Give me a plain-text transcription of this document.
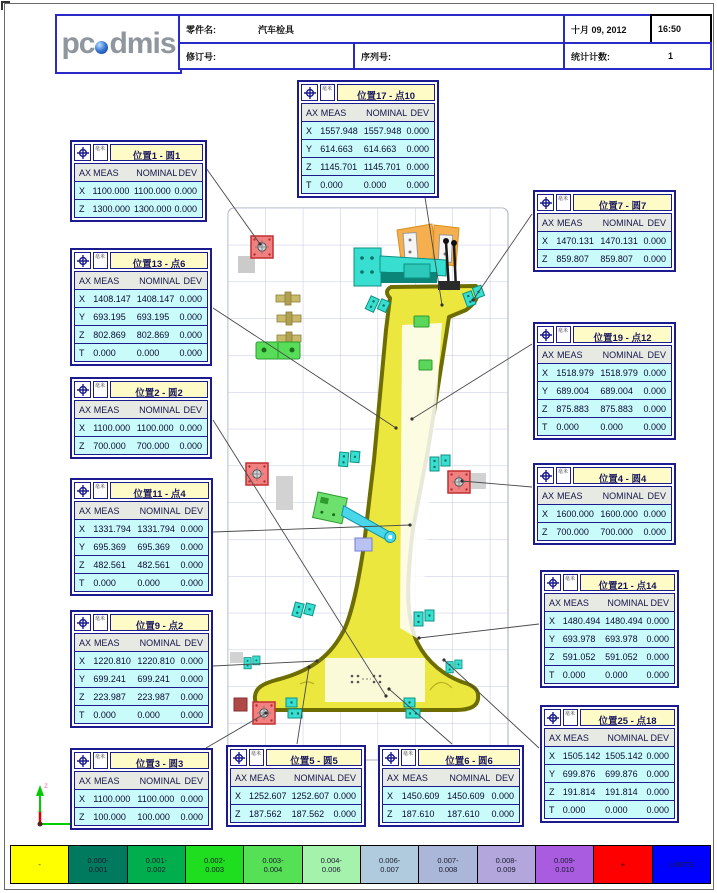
pc dmis 零件名:	汽车检具	十月 09, 2012	16:50
修订号:	序列号:	统计计数:	1
z
毫米
位置17 - 点10
AX MEAS	NOMINAL DEV
X 1557.948 1557.948 0.000
Y 614.663	614.663	0.000
Z 1145.701 1145.701 0.000
T 0.000	0.000	0.000
毫米
位置1 - 圆1
AX MEAS	NOMINAL DEV
X 1100.000 1100.000 0.000
Z 1300.000 1300.000 0.000
毫米
位置13 - 点6
AX MEAS	NOMINAL DEV
X 1408.147 1408.147 0.000
Y 693.195	693.195	0.000
Z 802.869	802.869	0.000
T 0.000	0.000	0.000
毫米
位置2 - 圆2
AX MEAS	NOMINAL DEV
X 1100.000 1100.000 0.000
Z 700.000	700.000	0.000
毫米
位置11 - 点4
AX MEAS	NOMINAL DEV
X 1331.794 1331.794 0.000
Y 695.369	695.369	0.000
Z 482.561	482.561	0.000
T 0.000	0.000	0.000
毫米
位置9 - 点2
AX MEAS	NOMINAL DEV
X 1220.810 1220.810 0.000
Y 699.241	699.241	0.000
Z 223.987	223.987	0.000
T 0.000	0.000	0.000
毫米
位置3 - 圆3
AX MEAS	NOMINAL DEV
X 1100.000 1100.000 0.000
Z 100.000	100.000	0.000
毫米
位置5 - 圆5
AX MEAS	NOMINAL DEV
X 1252.607 1252.607 0.000
Z 187.562	187.562	0.000
毫米
位置6 - 圆6
AX MEAS	NOMINAL DEV
X 1450.609 1450.609 0.000
Z	187.610	187.610	0.000
毫米
位置7 - 圆7
AX MEAS	NOMINAL DEV
X 1470.131 1470.131 0.000
Z 859.807	859.807	0.000
毫米
位置19 - 点12
AX MEAS	NOMINAL DEV
X 1518.979 1518.979 0.000
Y 689.004	689.004	0.000
Z 875.883	875.883	0.000
T 0.000	0.000	0.000
毫米
位置4 - 圆4
AX MEAS	NOMINAL DEV
X 1600.000 1600.000 0.000
Z 700.000	700.000	0.000
毫米
位置21 - 点14
AX MEAS	NOMINAL DEV
X 1480.494 1480.494 0.000
Y 693.978	693.978 0.000
Z 591.052	591.052 0.000
T 0.000	0.000	0.000
毫米
位置25 - 点18
AX MEAS	NOMINAL DEV
X 1505.142 1505.142 0.000
Y 699.876	699.876 0.000
Z 191.814	191.814 0.000
T 0.000	0.000	0.000
-	0.000-
0.001
0.001-
0.002
0.002-
0.003
0.003-
0.004
0.004-
0.006
0.006-
0.007
0.007-
0.008
0.008-
0.009
0.009-
0.010	+	LIMITS
